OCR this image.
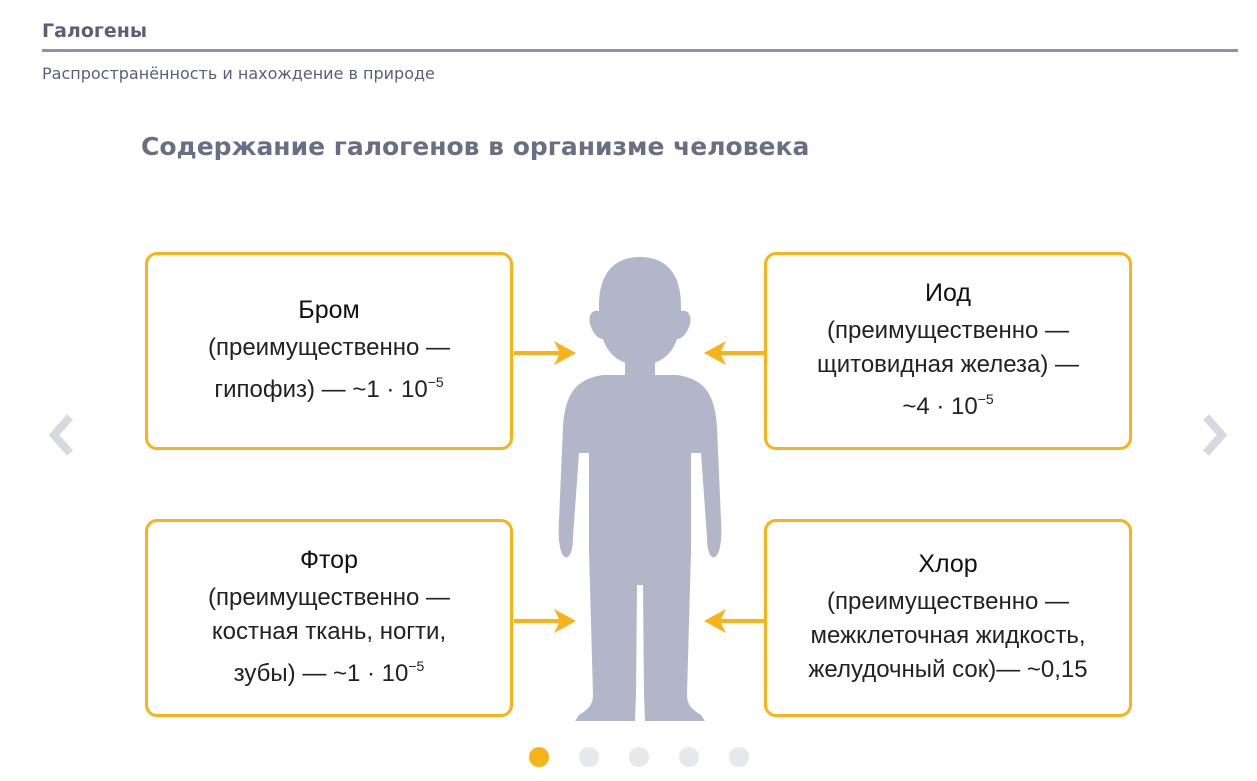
Галогены
Распространённость и нахождение в природе
Содержание галогенов в организме человека
Бром
(преимущественно —
гипофиз) — ~1 · $10^{-5}$
Иод
(преимущественно —
щитовидная железа) —
~4 · $10^{-5}$
Фтор
(преимущественно —
костная ткань, ногти,
зубы) — ~1 · $10^{-5}$
Хлор
(преимущественно —
межклеточная жидкость,
желудочный сок)— ~0,15
